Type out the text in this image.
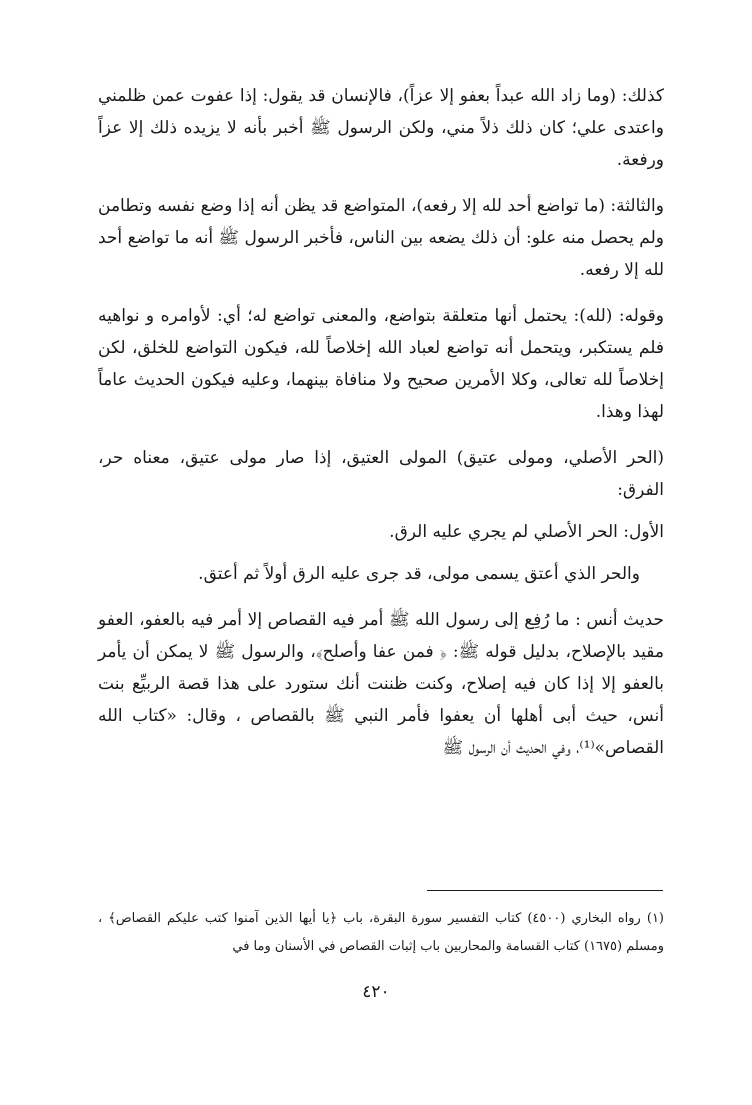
كذلك: (وما زاد الله عبداً بعفو إلا عزاً)، فالإنسان قد يقول: إذا عفوت عمن ظلمني واعتدى علي؛ كان ذلك ذلاً مني، ولكن الرسول ﷺ أخبر بأنه لا يزيده ذلك إلا عزاً ورفعة.

والثالثة: (ما تواضع أحد لله إلا رفعه)، المتواضع قد يظن أنه إذا وضع نفسه وتطامن ولم يحصل منه علو: أن ذلك يضعه بين الناس، فأخبر الرسول ﷺ أنه ما تواضع أحد لله إلا رفعه.

وقوله: (لله): يحتمل أنها متعلقة بتواضع، والمعنى تواضع له؛ أي: لأوامره و نواهيه فلم يستكبر، ويتحمل أنه تواضع لعباد الله إخلاصاً لله، فيكون التواضع للخلق، لكن إخلاصاً لله تعالى، وكلا الأمرين صحيح ولا منافاة بينهما، وعليه فيكون الحديث عاماً لهذا وهذا.

(الحر الأصلي، ومولى عتيق) المولى العتيق، إذا صار مولى عتيق، معناه حر، الفرق:

الأول: الحر الأصلي لم يجري عليه الرق.

والحر الذي أعتق يسمى مولى، قد جرى عليه الرق أولاً ثم أعتق.

حديث أنس : ما رُفِع إلى رسول الله ﷺ أمر فيه القصاص إلا أمر فيه بالعفو، العفو مقيد بالإصلاح، بدليل قوله ﷺ: ﴿ فمن عفا وأصلح﴾، والرسول ﷺ لا يمكن أن يأمر بالعفو إلا إذا كان فيه إصلاح، وكنت ظننت أنك ستورد على هذا قصة الربيِّع بنت أنس، حيث أبى أهلها أن يعفوا فأمر النبي ﷺ بالقصاص ، وقال: «كتاب الله القصاص»⁽¹⁾، وفي الحديث أن الرسول ﷺ

(١) رواه البخاري (٤٥٠٠) كتاب التفسير سورة البقرة، باب ﴿يا أيها الذين آمنوا كتب عليكم القصاص﴾ ، ومسلم (١٦٧٥) كتاب القسامة والمحاربين باب إثبات القصاص في الأسنان وما في

٤٢٠
